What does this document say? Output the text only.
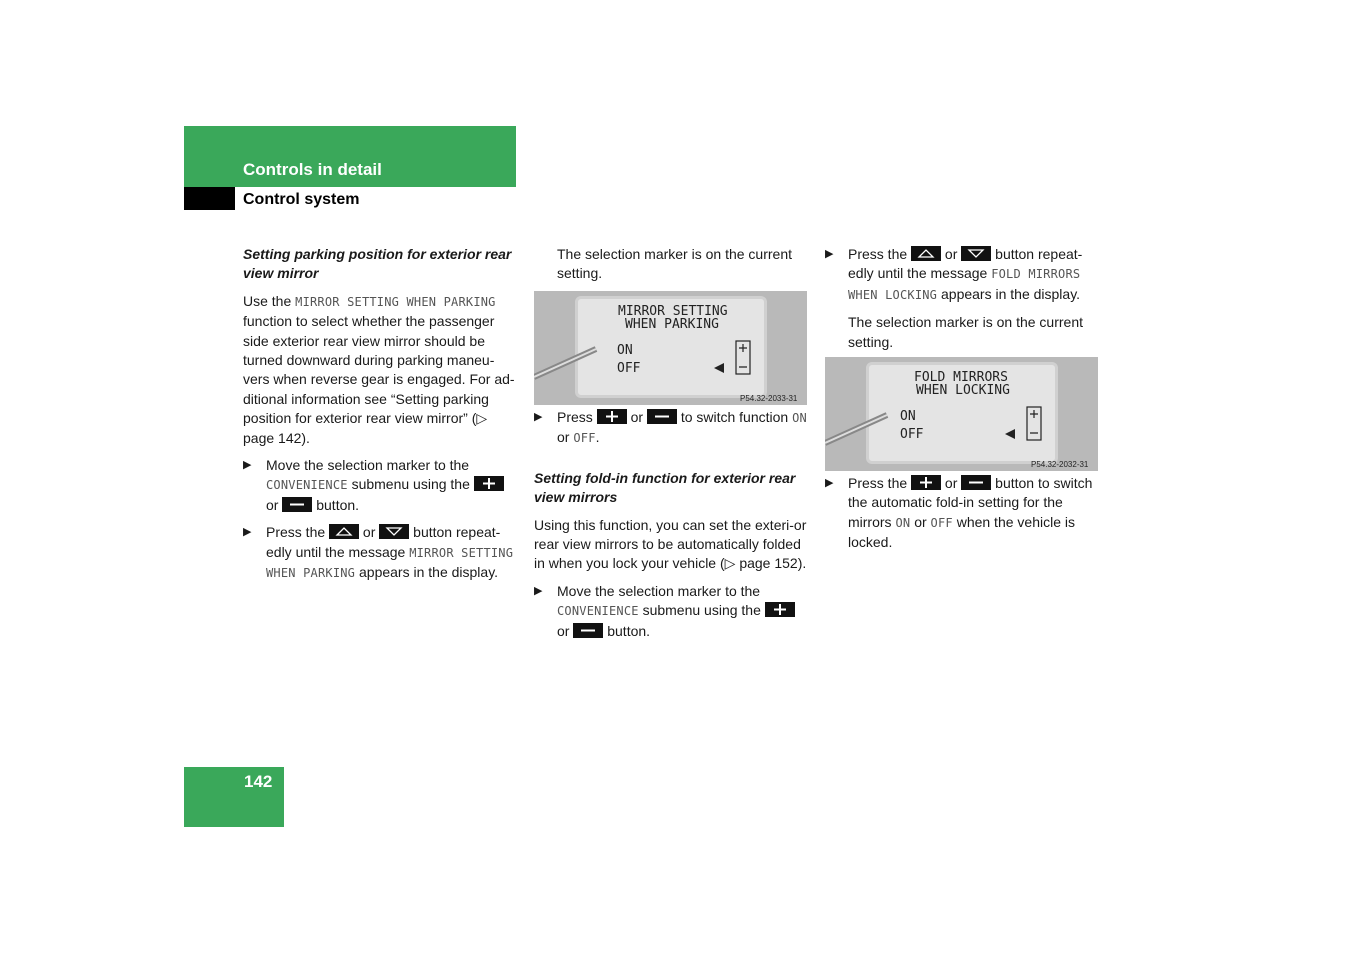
Controls in detail
Control system
Setting parking position for exterior rear view mirror

Use the MIRROR SETTING WHEN PARKING function to select whether the passenger side exterior rear view mirror should be turned downward during parking maneu-vers when reverse gear is engaged. For ad-ditional information see “Setting parking position for exterior rear view mirror” (▷ page 142).

▶ Move the selection marker to the CONVENIENCE submenu using the
or	button.
▶ Press the	or	button repeat-edly until the message MIRROR SETTING WHEN PARKING appears in the display.

The selection marker is on the current setting.

MIRROR SETTING
WHEN PARKING
ON
OFF
P54.32-2033-31
▶ Press	or	to switch function ON or OFF.
Setting fold-in function for exterior rear view mirrors

Using this function, you can set the exteri-or rear view mirrors to be automatically folded in when you lock your vehicle (▷ page 152).

▶ Move the selection marker to the CONVENIENCE submenu using the
or	button.
▶ Press the	or	button repeat-edly until the message FOLD MIRRORS WHEN LOCKING appears in the display.

The selection marker is on the current setting.

FOLD MIRRORS
WHEN LOCKING
ON
OFF
P54.32-2032-31
▶ Press the	or	button to switch the automatic fold-in setting for the mirrors ON or OFF when the vehicle is locked.
142
